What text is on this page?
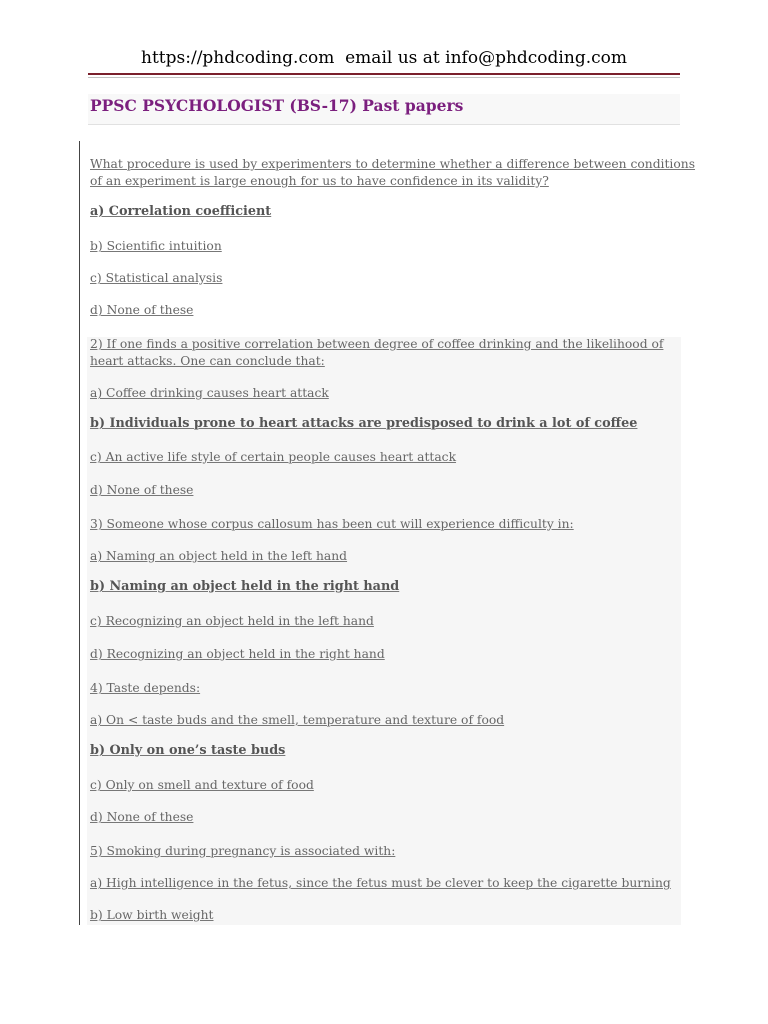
https://phdcoding.com  email us at info@phdcoding.com
PPSC PSYCHOLOGIST (BS-17) Past papers
What procedure is used by experimenters to determine whether a difference between conditions
of an experiment is large enough for us to have confidence in its validity?
a) Correlation coefficient
b) Scientific intuition
c) Statistical analysis
d) None of these
2) If one finds a positive correlation between degree of coffee drinking and the likelihood of
heart attacks. One can conclude that:
a) Coffee drinking causes heart attack
b) Individuals prone to heart attacks are predisposed to drink a lot of coffee
c) An active life style of certain people causes heart attack
d) None of these
3) Someone whose corpus callosum has been cut will experience difficulty in:
a) Naming an object held in the left hand
b) Naming an object held in the right hand
c) Recognizing an object held in the left hand
d) Recognizing an object held in the right hand
4) Taste depends:
a) On < taste buds and the smell, temperature and texture of food
b) Only on one’s taste buds
c) Only on smell and texture of food
d) None of these
5) Smoking during pregnancy is associated with:
a) High intelligence in the fetus, since the fetus must be clever to keep the cigarette burning
b) Low birth weight
